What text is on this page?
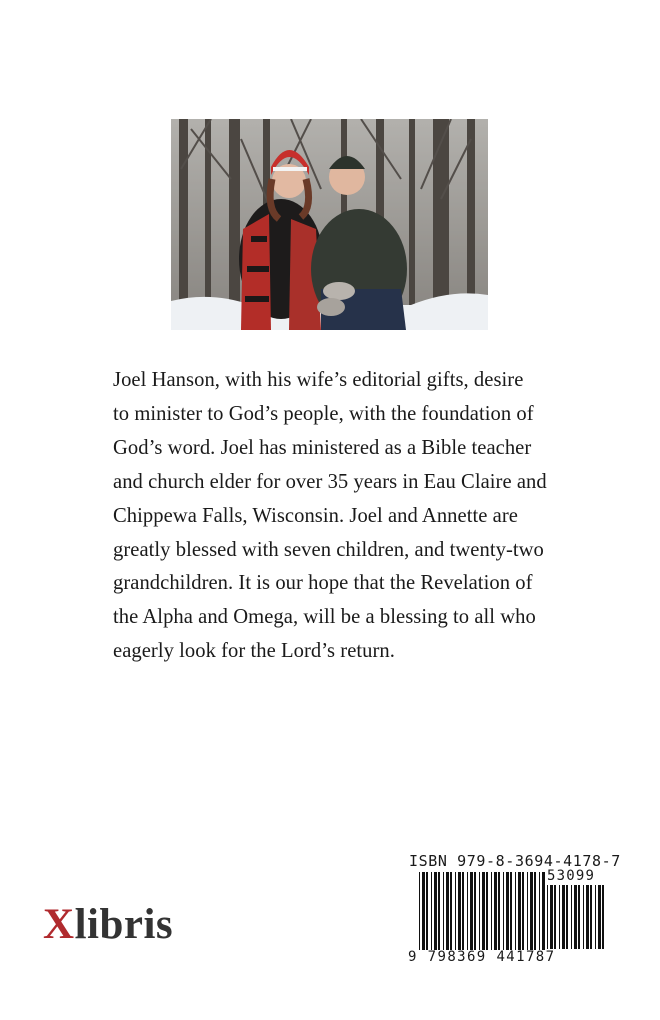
Joel Hanson, with his wife’s editorial gifts, desire
to minister to God’s people, with the foundation of
God’s word. Joel has ministered as a Bible teacher
and church elder for over 35 years in Eau Claire and
Chippewa Falls, Wisconsin. Joel and Annette are
greatly blessed with seven children, and twenty-two
grandchildren. It is our hope that the Revelation of
the Alpha and Omega, will be a blessing to all who
eagerly look for the Lord’s return.
Xlibris
ISBN 979-8-3694-4178-7
53099
9 798369 441787
